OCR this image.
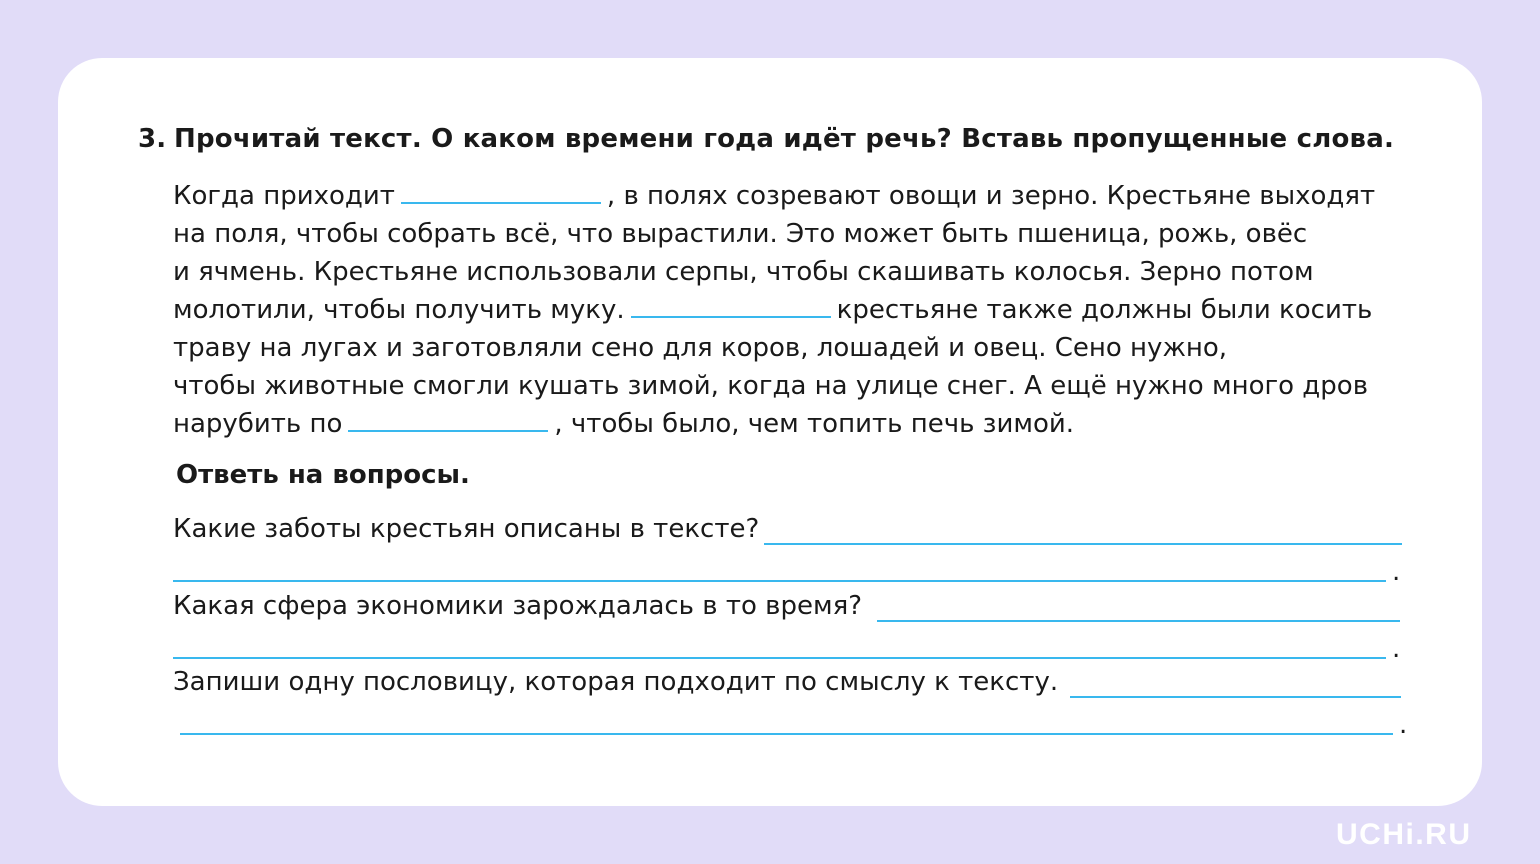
3. Прочитай текст. О каком времени года идёт речь? Вставь пропущенные слова.
Когда приходит	, в полях созревают овощи и зерно. Крестьяне выходят
на поля, чтобы собрать всё, что вырастили. Это может быть пшеница, рожь, овёс
и ячмень. Крестьяне использовали серпы, чтобы скашивать колосья. Зерно потом
молотили, чтобы получить муку.	крестьяне также должны были косить
траву на лугах и заготовляли сено для коров, лошадей и овец. Сено нужно,
чтобы животные смогли кушать зимой, когда на улице снег. А ещё нужно много дров
нарубить по	, чтобы было, чем топить печь зимой.
Ответь на вопросы.
Какие заботы крестьян описаны в тексте?
.
Какая сфера экономики зарождалась в то время?
.
Запиши одну пословицу, которая подходит по смыслу к тексту.
.
UCHi.RU
